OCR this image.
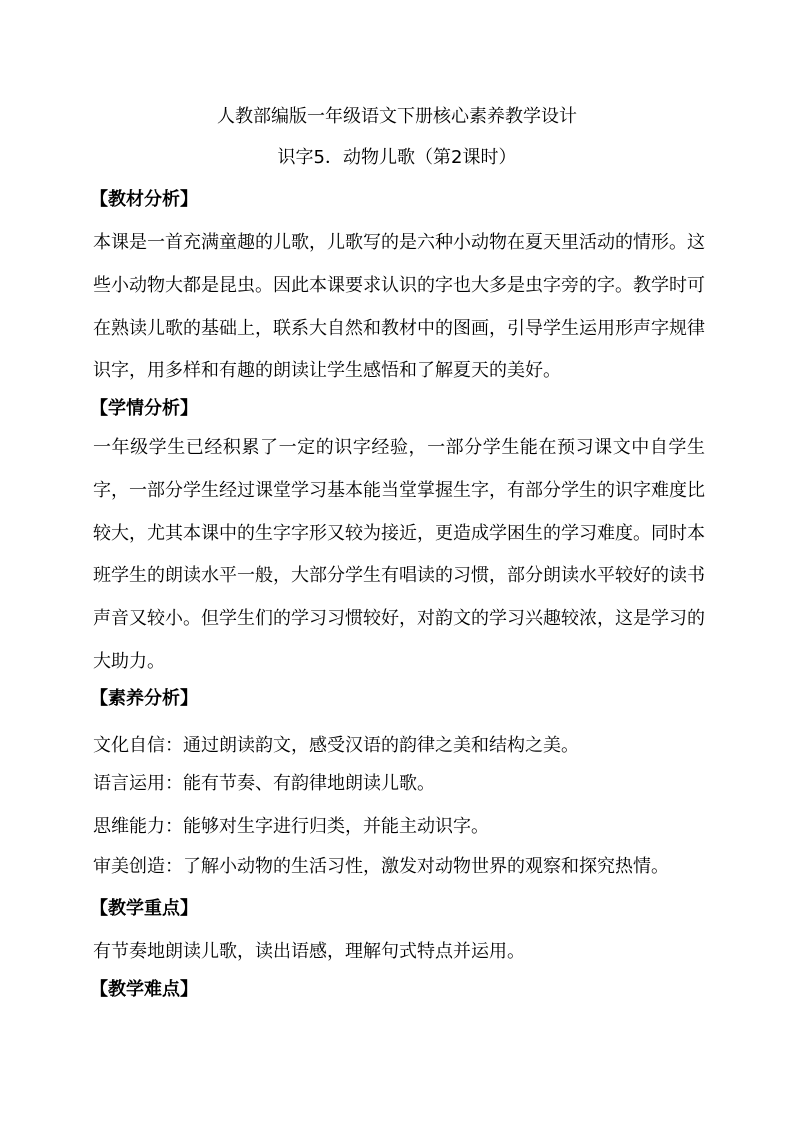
人教部编版一年级语文下册核心素养教学设计
识字5．动物儿歌（第2课时）
【教材分析】
本课是一首充满童趣的儿歌，儿歌写的是六种小动物在夏天里活动的情形。这些小动物大都是昆虫。因此本课要求认识的字也大多是虫字旁的字。教学时可在熟读儿歌的基础上，联系大自然和教材中的图画，引导学生运用形声字规律识字，用多样和有趣的朗读让学生感悟和了解夏天的美好。
【学情分析】
一年级学生已经积累了一定的识字经验，一部分学生能在预习课文中自学生字，一部分学生经过课堂学习基本能当堂掌握生字，有部分学生的识字难度比较大，尤其本课中的生字字形又较为接近，更造成学困生的学习难度。同时本班学生的朗读水平一般，大部分学生有唱读的习惯，部分朗读水平较好的读书声音又较小。但学生们的学习习惯较好，对韵文的学习兴趣较浓，这是学习的大助力。
【素养分析】
文化自信：通过朗读韵文，感受汉语的韵律之美和结构之美。
语言运用：能有节奏、有韵律地朗读儿歌。
思维能力：能够对生字进行归类，并能主动识字。
审美创造：了解小动物的生活习性，激发对动物世界的观察和探究热情。
【教学重点】
有节奏地朗读儿歌，读出语感，理解句式特点并运用。
【教学难点】
